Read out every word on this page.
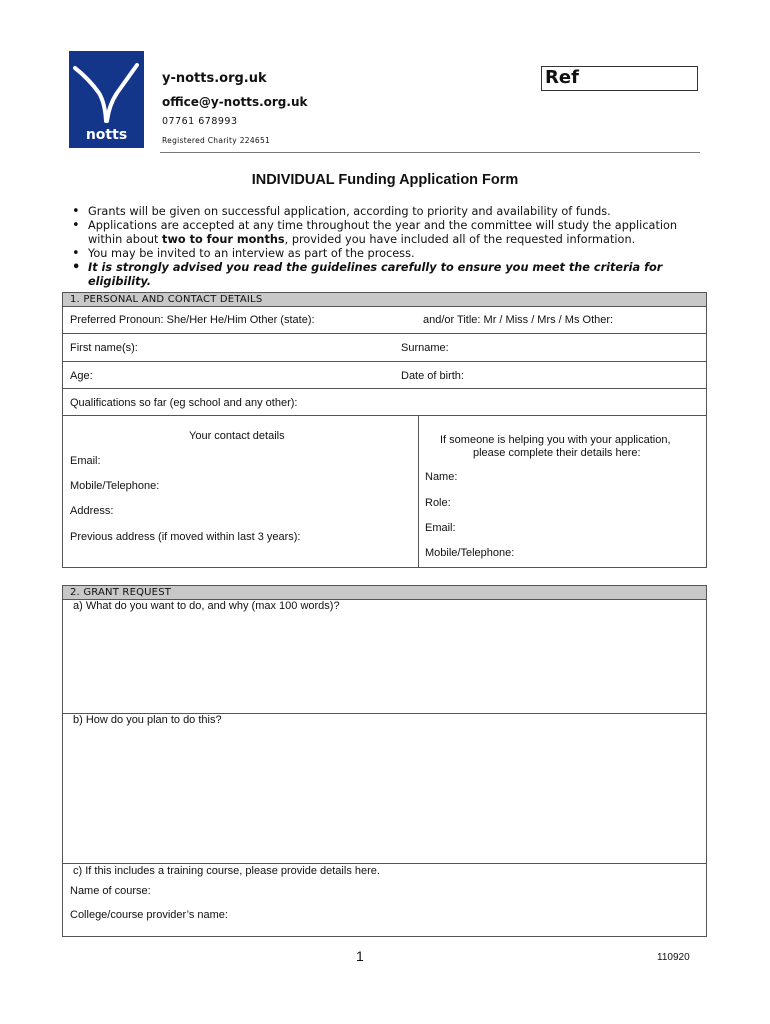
notts
y-notts.org.uk
office@y-notts.org.uk
07761 678993
Registered Charity 224651
Ref
INDIVIDUAL Funding Application Form
• Grants will be given on successful application, according to priority and availability of funds.
• Applications are accepted at any time throughout the year and the committee will study the application within about two to four months, provided you have included all of the requested information.
• You may be invited to an interview as part of the process.
• It is strongly advised you read the guidelines carefully to ensure you meet the criteria for eligibility.
1. PERSONAL AND CONTACT DETAILS
Preferred Pronoun: She/Her He/Him Other (state):	and/or Title: Mr / Miss / Mrs / Ms Other:
First name(s):	Surname:
Age:	Date of birth:
Qualifications so far (eg school and any other):
Your contact details
Email:
Mobile/Telephone:
Address:
Previous address (if moved within last 3 years):
If someone is helping you with your application,
please complete their details here:
Name:
Role:
Email:
Mobile/Telephone:
2. GRANT REQUEST
a) What do you want to do, and why (max 100 words)?
b) How do you plan to do this?
c) If this includes a training course, please provide details here.
Name of course:
College/course provider’s name:
1	110920
